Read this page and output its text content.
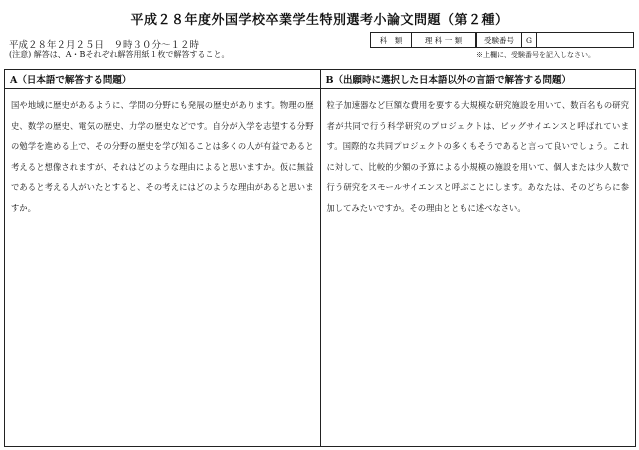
平成２８年度外国学校卒業学生特別選考小論文問題（第２種）
平成２８年２月２５日　９時３０分～１２時
(注意) 解答は、A・Bそれぞれ解答用紙１枚で解答すること。
科　類	理 科 一 類	受験番号	G
※上欄に、受験番号を記入しなさい。
A（日本語で解答する問題）
国や地域に歴史があるように、学問の分野にも発展の歴史があります。物理の歴史、数学の歴史、電気の歴史、力学の歴史などです。自分が入学を志望する分野の勉学を進める上で、その分野の歴史を学び知ることは多くの人が有益であると考えると想像されますが、それはどのような理由によると思いますか。仮に無益であると考える人がいたとすると、その考えにはどのような理由があると思いますか。
B（出願時に選択した日本語以外の言語で解答する問題）
粒子加速器など巨額な費用を要する大規模な研究施設を用いて、数百名もの研究者が共同で行う科学研究のプロジェクトは、ビッグサイエンスと呼ばれています。国際的な共同プロジェクトの多くもそうであると言って良いでしょう。これに対して、比較的少額の予算による小規模の施設を用いて、個人または少人数で行う研究をスモールサイエンスと呼ぶことにします。あなたは、そのどちらに参加してみたいですか。その理由とともに述べなさい。
